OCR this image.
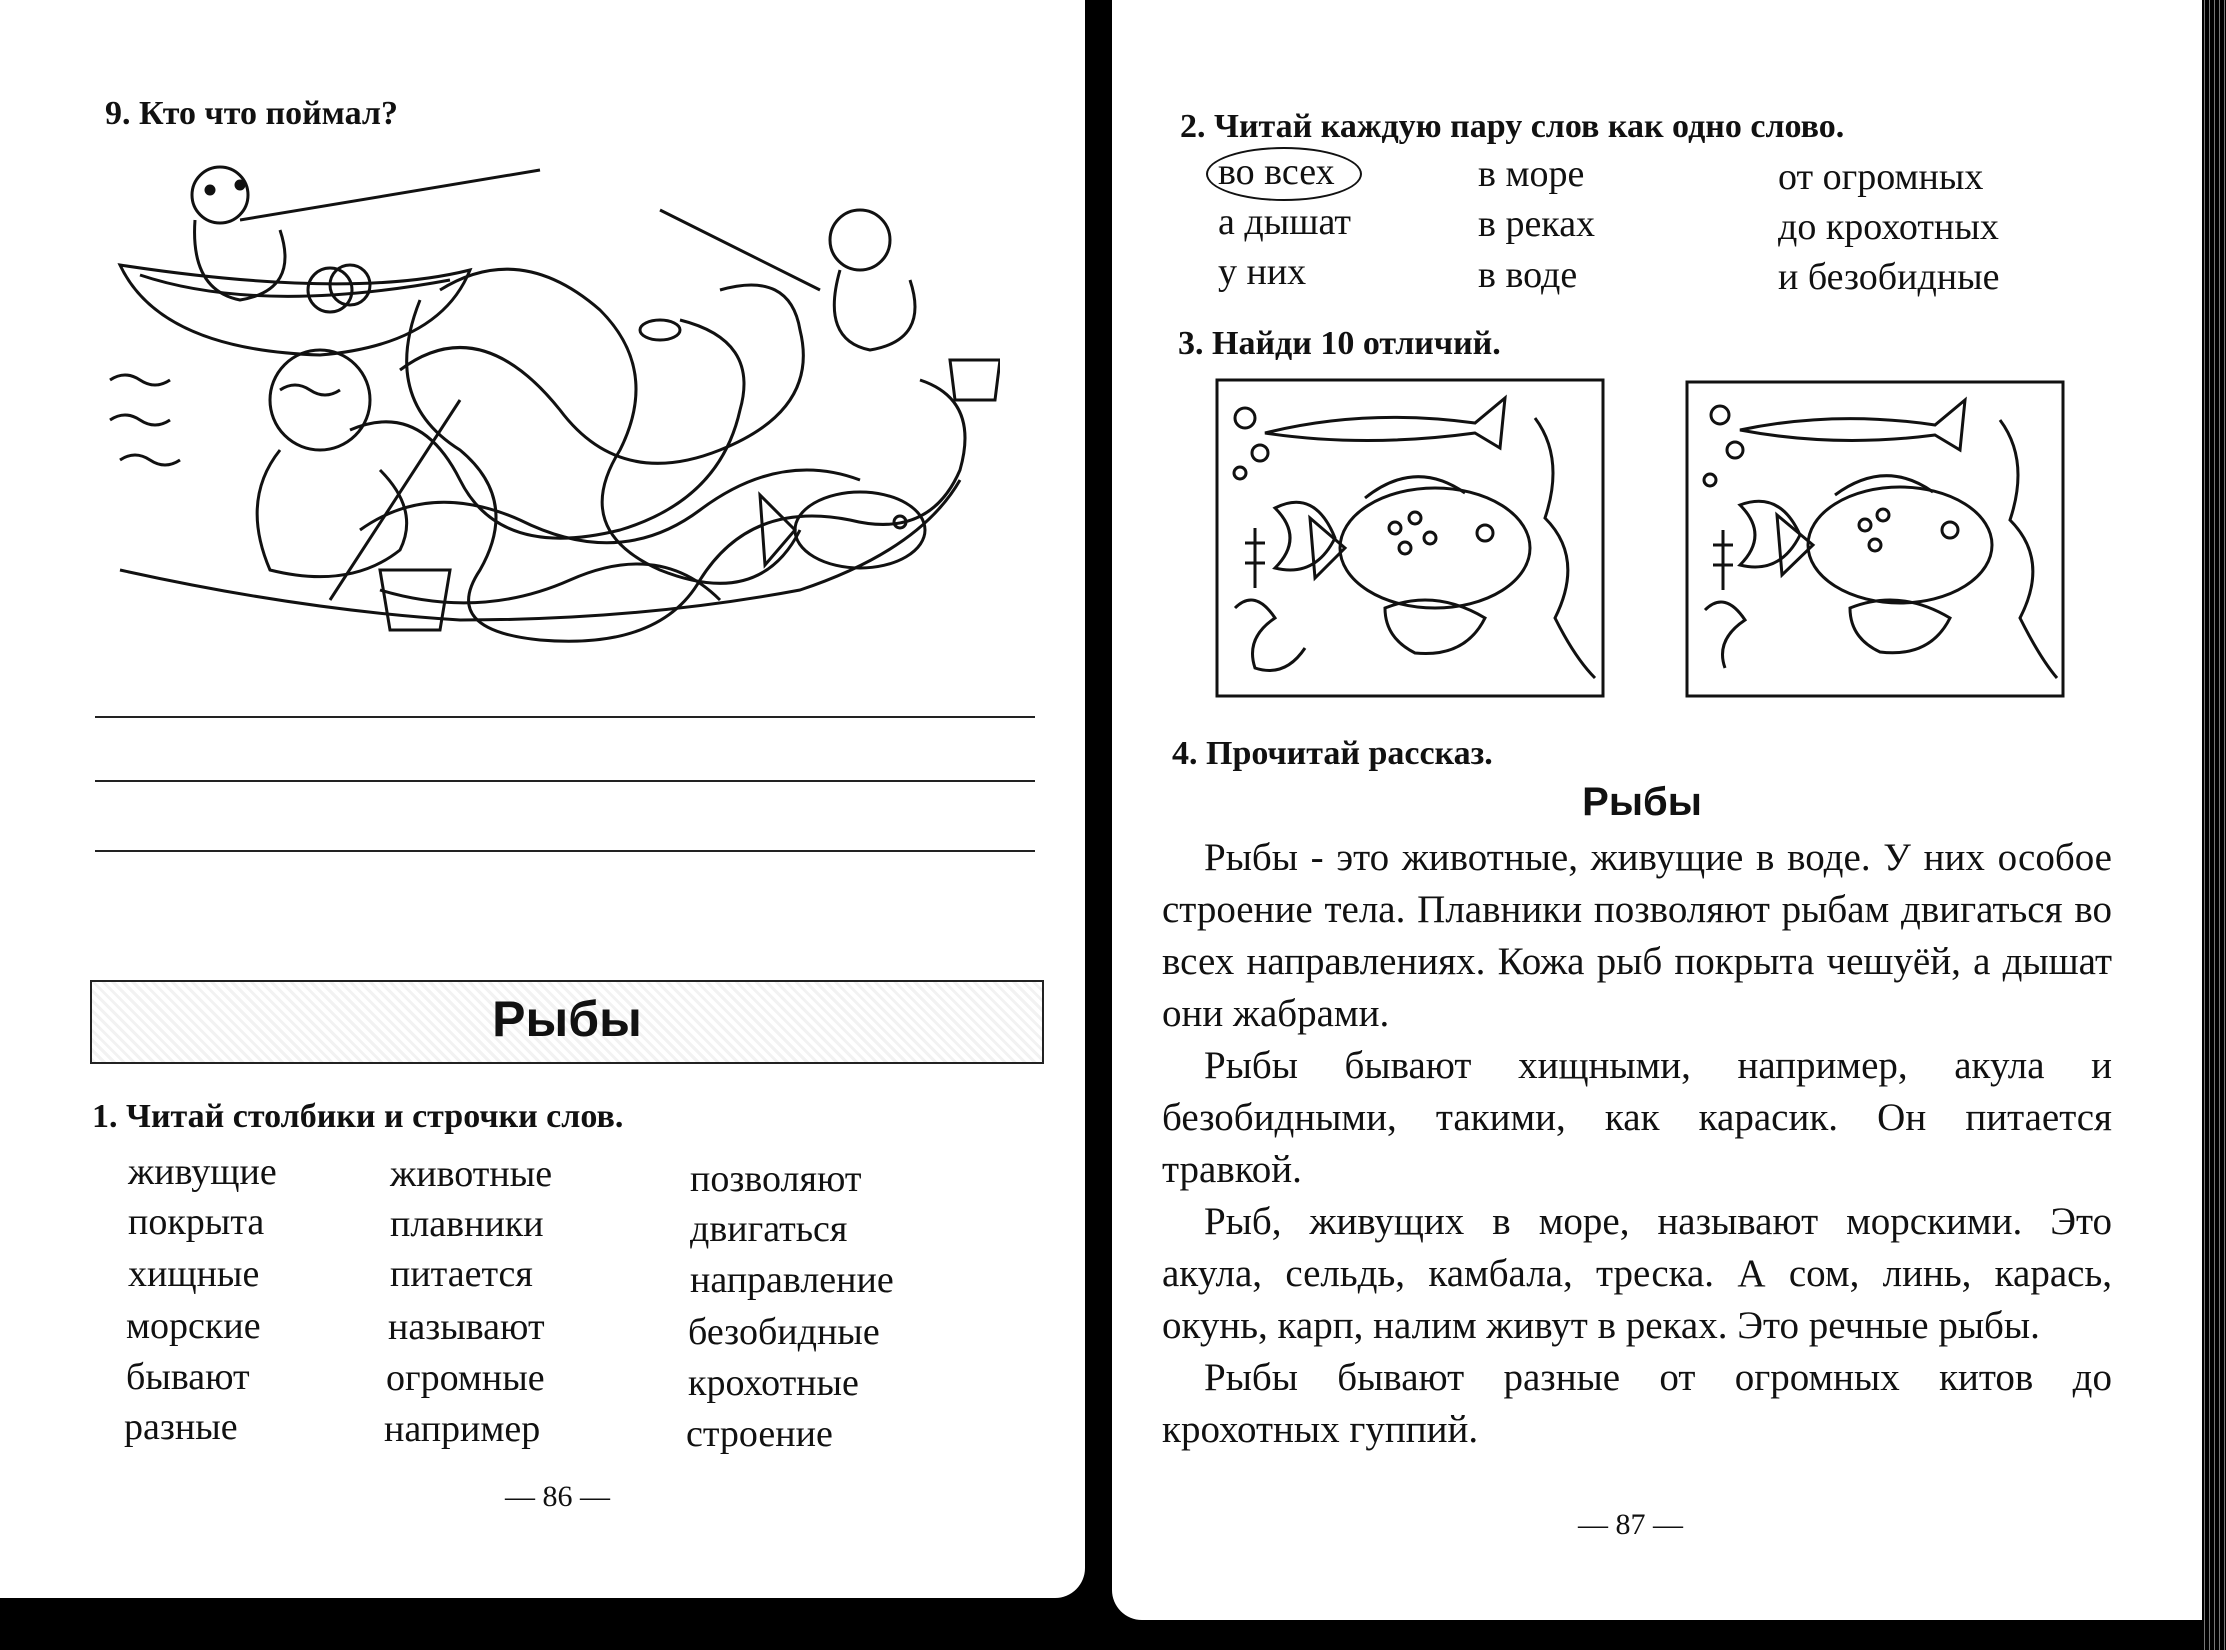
9. Кто что поймал?
Рыбы
1. Читай столбики и строчки слов.
живущие
покрыта
хищные
морские
бывают
разные
животные
плавники
питается
называют
огромные
например
позволяют
двигаться
направление
безобидные
крохотные
строение
— 86 —
2. Читай каждую пару слов как одно слово.
во всех
а дышат
у них
в море
в реках
в воде
от огромных
до крохотных
и безобидные
3. Найди 10 отличий.
4. Прочитай рассказ.
Рыбы

Рыбы - это животные, живущие в воде. У них особое строение тела. Плавники позволяют рыбам двигаться во всех направлениях. Кожа рыб покрыта чешуёй, а дышат они жабрами.

Рыбы бывают хищными, например, акула и безобидными, такими, как карасик. Он питается травкой.

Рыб, живущих в море, называют морскими. Это акула, сельдь, камбала, треска. А сом, линь, карась, окунь, карп, налим живут в реках. Это речные рыбы.

Рыбы бывают разные от огромных китов до крохотных гуппий.

— 87 —
